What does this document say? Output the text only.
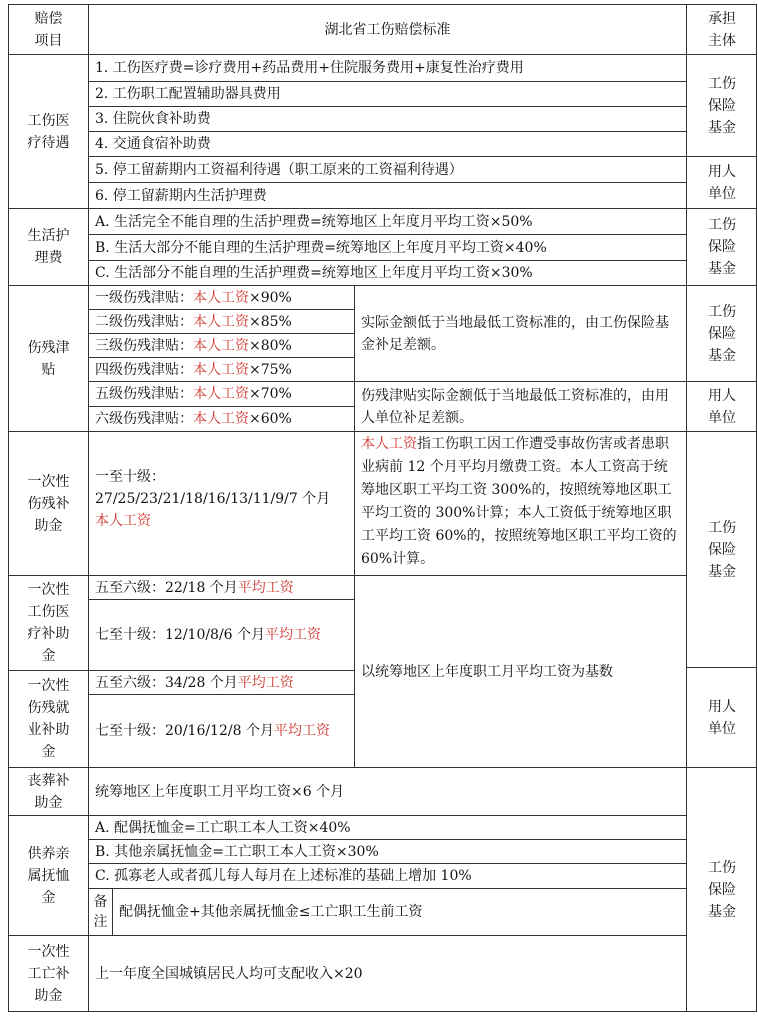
赔偿
项目
湖北省工伤赔偿标准
承担
主体
工伤医
疗待遇
1. 工伤医疗费=诊疗费用+药品费用+住院服务费用+康复性治疗费用
2. 工伤职工配置辅助器具费用
3. 住院伙食补助费
4. 交通食宿补助费
5. 停工留薪期内工资福利待遇（职工原来的工资福利待遇）
6. 停工留薪期内生活护理费
工伤
保险
基金
用人
单位
生活护
理费
A. 生活完全不能自理的生活护理费=统筹地区上年度月平均工资×50%
B. 生活大部分不能自理的生活护理费=统筹地区上年度月平均工资×40%
C. 生活部分不能自理的生活护理费=统筹地区上年度月平均工资×30%
工伤
保险
基金
伤残津
贴
一级伤残津贴： 本人工资 ×90%
二级伤残津贴： 本人工资 ×85%
三级伤残津贴： 本人工资 ×80%
四级伤残津贴： 本人工资 ×75%
五级伤残津贴： 本人工资 ×70%
六级伤残津贴： 本人工资 ×60%
实际金额低于当地最低工资标准的，由工伤保险基金补足差额。
伤残津贴实际金额低于当地最低工资标准的，由用人单位补足差额。
工伤
保险
基金
用人
单位
一次性
伤残补
助金
一至十级：
27/25/23/21/18/16/13/11/9/7 个月
本人工资
本人工资指工伤职工因工作遭受事故伤害或者患职业病前 12 个月平均月缴费工资。本人工资高于统筹地区职工平均工资 300%的，按照统筹地区职工平均工资的 300%计算；本人工资低于统筹地区职工平均工资 60%的，按照统筹地区职工平均工资的 60%计算。
一次性
工伤医
疗补助
金
五至六级：22/18 个月 平均工资
七至十级：12/10/8/6 个月 平均工资
一次性
伤残就
业补助
金
五至六级：34/28 个月 平均工资
七至十级：20/16/12/8 个月 平均工资
以统筹地区上年度职工月平均工资为基数
工伤
保险
基金
用人
单位
丧葬补
助金
统筹地区上年度职工月平均工资×6 个月
供养亲
属抚恤
金
A. 配偶抚恤金=工亡职工本人工资×40%
B. 其他亲属抚恤金=工亡职工本人工资×30%
C. 孤寡老人或者孤儿每人每月在上述标准的基础上增加 10%
备
注
配偶抚恤金+其他亲属抚恤金≤工亡职工生前工资
工伤
保险
基金
一次性
工亡补
助金
上一年度全国城镇居民人均可支配收入×20
